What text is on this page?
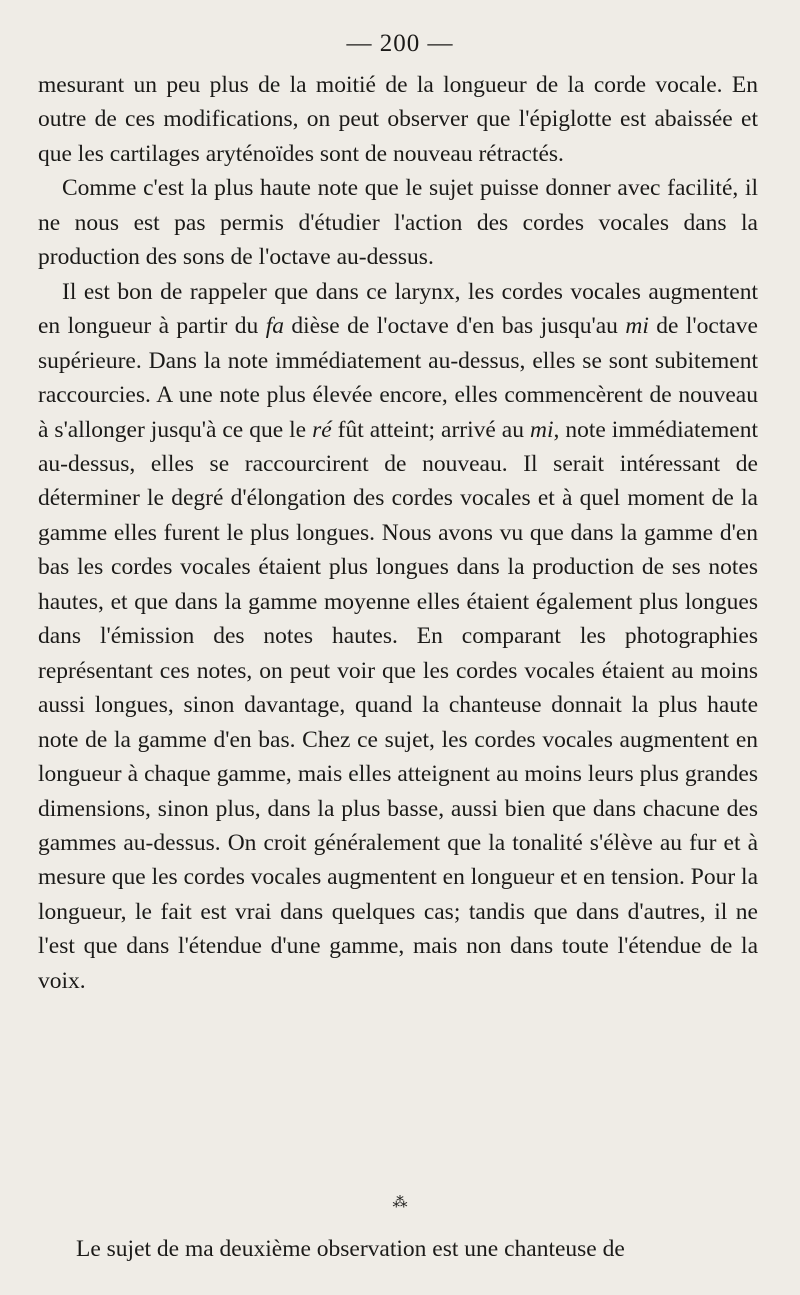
— 200 —

mesurant un peu plus de la moitié de la longueur de la corde vocale. En outre de ces modifications, on peut observer que l'épiglotte est abaissée et que les cartilages aryténoïdes sont de nouveau rétractés.

Comme c'est la plus haute note que le sujet puisse donner avec facilité, il ne nous est pas permis d'étudier l'action des cordes vocales dans la production des sons de l'octave au-dessus.

Il est bon de rappeler que dans ce larynx, les cordes vocales augmentent en longueur à partir du fa dièse de l'octave d'en bas jusqu'au mi de l'octave supérieure. Dans la note immédiatement au-dessus, elles se sont subitement raccourcies. A une note plus élevée encore, elles commencèrent de nouveau à s'allonger jusqu'à ce que le ré fût atteint; arrivé au mi, note immédiatement au-dessus, elles se raccourcirent de nouveau. Il serait intéressant de déterminer le degré d'élongation des cordes vocales et à quel moment de la gamme elles furent le plus longues. Nous avons vu que dans la gamme d'en bas les cordes vocales étaient plus longues dans la production de ses notes hautes, et que dans la gamme moyenne elles étaient également plus longues dans l'émission des notes hautes. En comparant les photographies représentant ces notes, on peut voir que les cordes vocales étaient au moins aussi longues, sinon davantage, quand la chanteuse donnait la plus haute note de la gamme d'en bas. Chez ce sujet, les cordes vocales augmentent en longueur à chaque gamme, mais elles atteignent au moins leurs plus grandes dimensions, sinon plus, dans la plus basse, aussi bien que dans chacune des gammes au-dessus. On croit généralement que la tonalité s'élève au fur et à mesure que les cordes vocales augmentent en longueur et en tension. Pour la longueur, le fait est vrai dans quelques cas; tandis que dans d'autres, il ne l'est que dans l'étendue d'une gamme, mais non dans toute l'étendue de la voix.

⁂
Le sujet de ma deuxième observation est une chanteuse de
